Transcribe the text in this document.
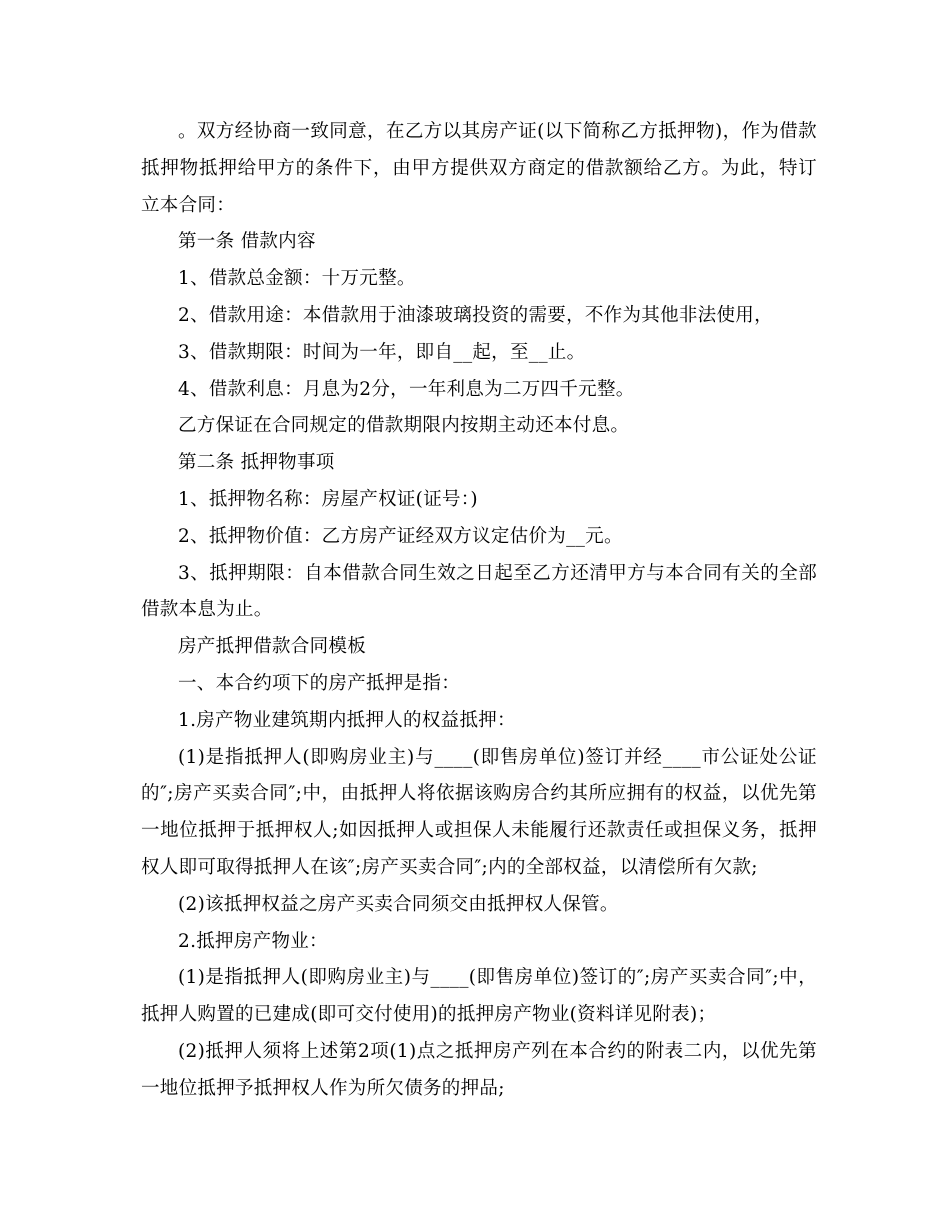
。双方经协商一致同意，在乙方以其房产证(以下简称乙方抵押物)，作为借款抵押物抵押给甲方的条件下，由甲方提供双方商定的借款额给乙方。为此，特订立本合同：

第一条 借款内容

1、借款总金额：十万元整。

2、借款用途：本借款用于油漆玻璃投资的需要，不作为其他非法使用，

3、借款期限：时间为一年，即自__起，至__止。

4、借款利息：月息为2分，一年利息为二万四千元整。

乙方保证在合同规定的借款期限内按期主动还本付息。

第二条 抵押物事项

1、抵押物名称：房屋产权证(证号：)

2、抵押物价值：乙方房产证经双方议定估价为__元。

3、抵押期限：自本借款合同生效之日起至乙方还清甲方与本合同有关的全部借款本息为止。

房产抵押借款合同模板

一、本合约项下的房产抵押是指：

1.房产物业建筑期内抵押人的权益抵押：

(1)是指抵押人(即购房业主)与____(即售房单位)签订并经____市公证处公证的″;房产买卖合同″;中，由抵押人将依据该购房合约其所应拥有的权益，以优先第一地位抵押于抵押权人;如因抵押人或担保人未能履行还款责任或担保义务，抵押权人即可取得抵押人在该″;房产买卖合同″;内的全部权益，以清偿所有欠款;

(2)该抵押权益之房产买卖合同须交由抵押权人保管。

2.抵押房产物业：

(1)是指抵押人(即购房业主)与____(即售房单位)签订的″;房产买卖合同″;中，抵押人购置的已建成(即可交付使用)的抵押房产物业(资料详见附表)；

(2)抵押人须将上述第2项(1)点之抵押房产列在本合约的附表二内，以优先第一地位抵押予抵押权人作为所欠债务的押品;
